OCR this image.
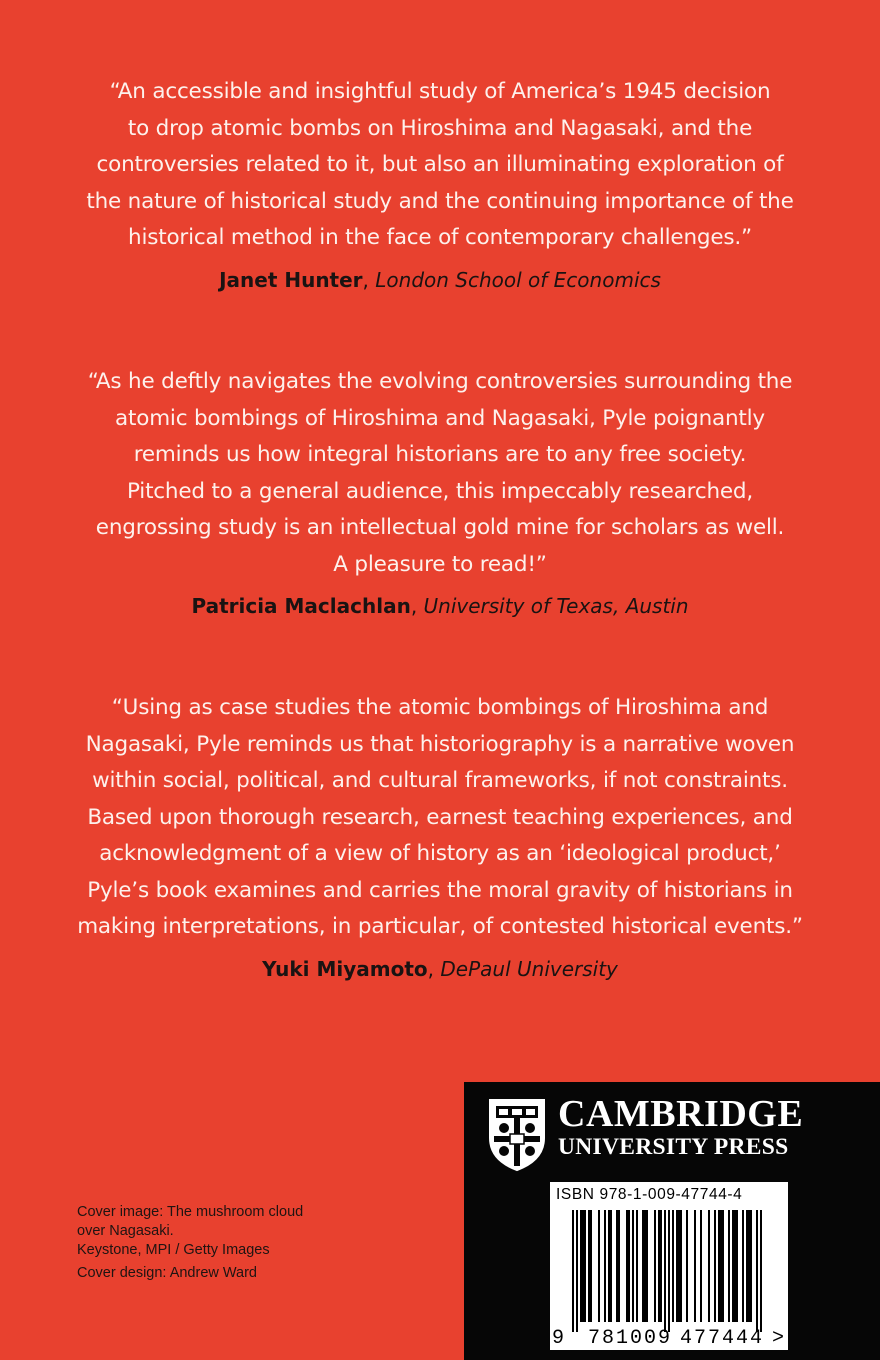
“An accessible and insightful study of America’s 1945 decision
to drop atomic bombs on Hiroshima and Nagasaki, and the
controversies related to it, but also an illuminating exploration of
the nature of historical study and the continuing importance of the
historical method in the face of contemporary challenges.”
Janet Hunter, London School of Economics
“As he deftly navigates the evolving controversies surrounding the
atomic bombings of Hiroshima and Nagasaki, Pyle poignantly
reminds us how integral historians are to any free society.
Pitched to a general audience, this impeccably researched,
engrossing study is an intellectual gold mine for scholars as well.
A pleasure to read!”
Patricia Maclachlan, University of Texas, Austin
“Using as case studies the atomic bombings of Hiroshima and
Nagasaki, Pyle reminds us that historiography is a narrative woven
within social, political, and cultural frameworks, if not constraints.
Based upon thorough research, earnest teaching experiences, and
acknowledgment of a view of history as an ‘ideological product,’
Pyle’s book examines and carries the moral gravity of historians in
making interpretations, in particular, of contested historical events.”
Yuki Miyamoto, DePaul University
Cover image: The mushroom cloud
over Nagasaki.
Keystone, MPI / Getty Images
Cover design: Andrew Ward
CAMBRIDGE
UNIVERSITY PRESS
ISBN 978-1-009-47744-4
9 781009 477444 >
